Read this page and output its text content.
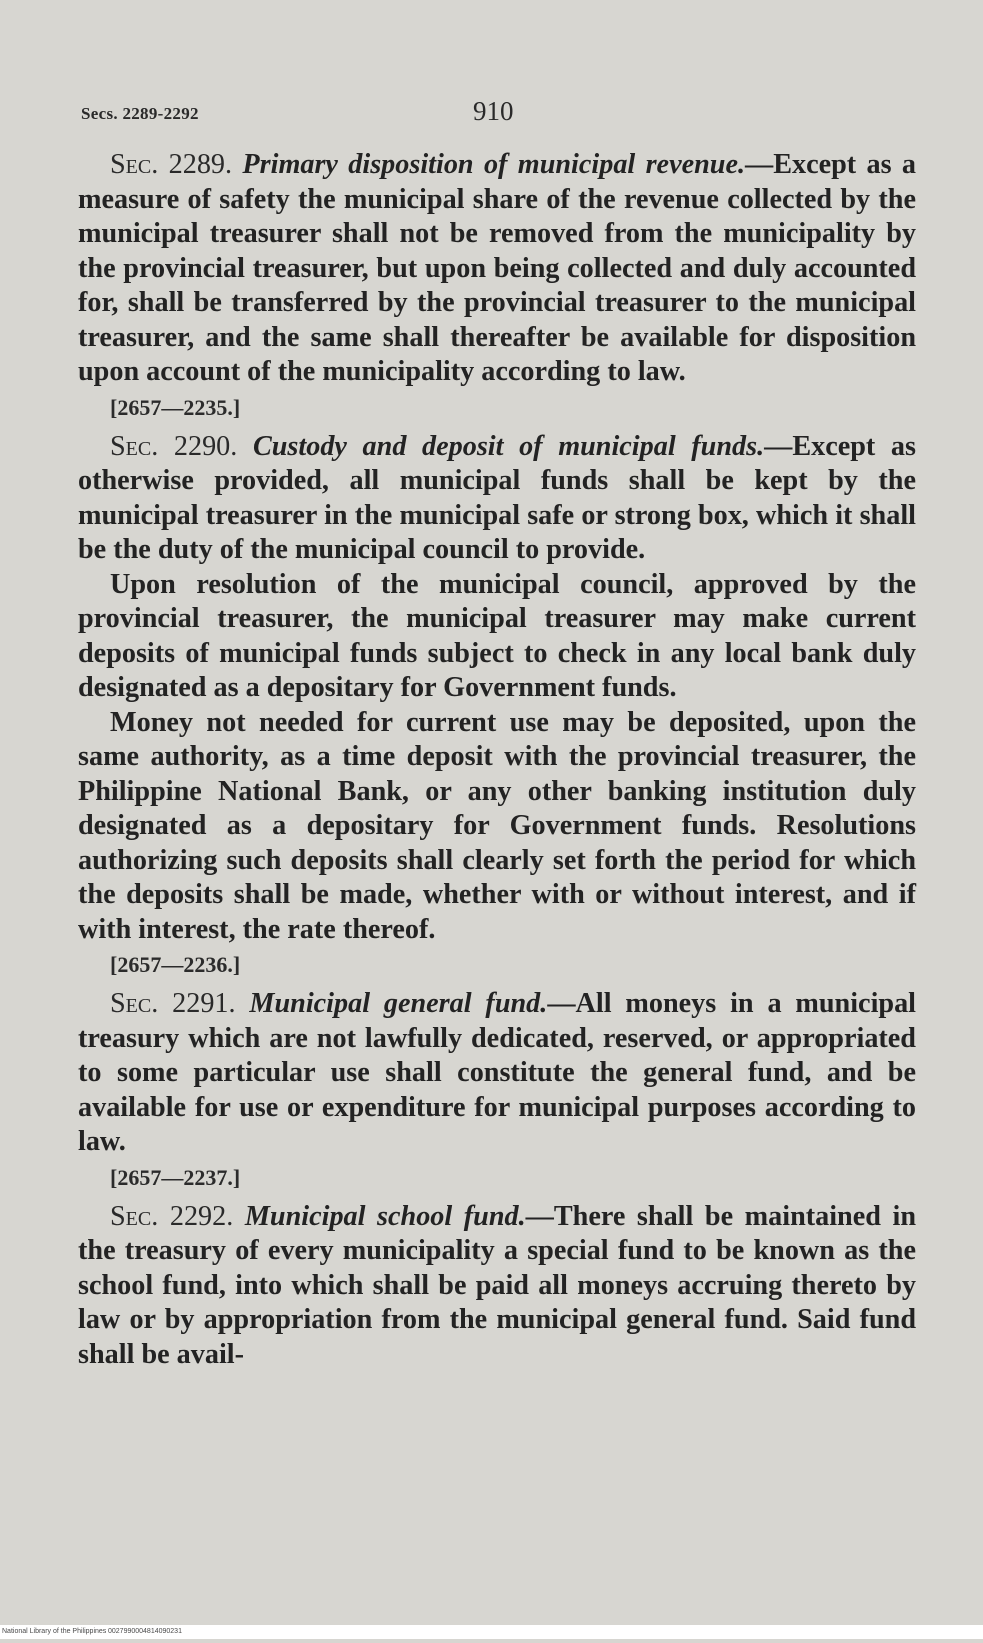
Secs. 2289-2292	910

Sec. 2289. Primary disposition of municipal revenue.—Except as a measure of safety the municipal share of the revenue collected by the municipal treasurer shall not be removed from the municipality by the provincial treasurer, but upon being collected and duly accounted for, shall be transferred by the provincial treasurer to the municipal treasurer, and the same shall thereafter be available for disposition upon account of the municipality according to law.

[2657—2235.]

Sec. 2290. Custody and deposit of municipal funds.—Except as otherwise provided, all municipal funds shall be kept by the municipal treasurer in the municipal safe or strong box, which it shall be the duty of the municipal council to provide.

Upon resolution of the municipal council, approved by the provincial treasurer, the municipal treasurer may make current deposits of municipal funds subject to check in any local bank duly designated as a depositary for Government funds.

Money not needed for current use may be deposited, upon the same authority, as a time deposit with the provincial treasurer, the Philippine National Bank, or any other banking institution duly designated as a depositary for Government funds. Resolutions authorizing such deposits shall clearly set forth the period for which the deposits shall be made, whether with or without interest, and if with interest, the rate thereof.

[2657—2236.]

Sec. 2291. Municipal general fund.—All moneys in a municipal treasury which are not lawfully dedicated, reserved, or appropriated to some particular use shall constitute the general fund, and be available for use or expenditure for municipal purposes according to law.

[2657—2237.]

Sec. 2292. Municipal school fund.—There shall be maintained in the treasury of every municipality a special fund to be known as the school fund, into which shall be paid all moneys accruing thereto by law or by appropriation from the municipal general fund. Said fund shall be avail-

National Library of the Philippines 0027990004814090231
